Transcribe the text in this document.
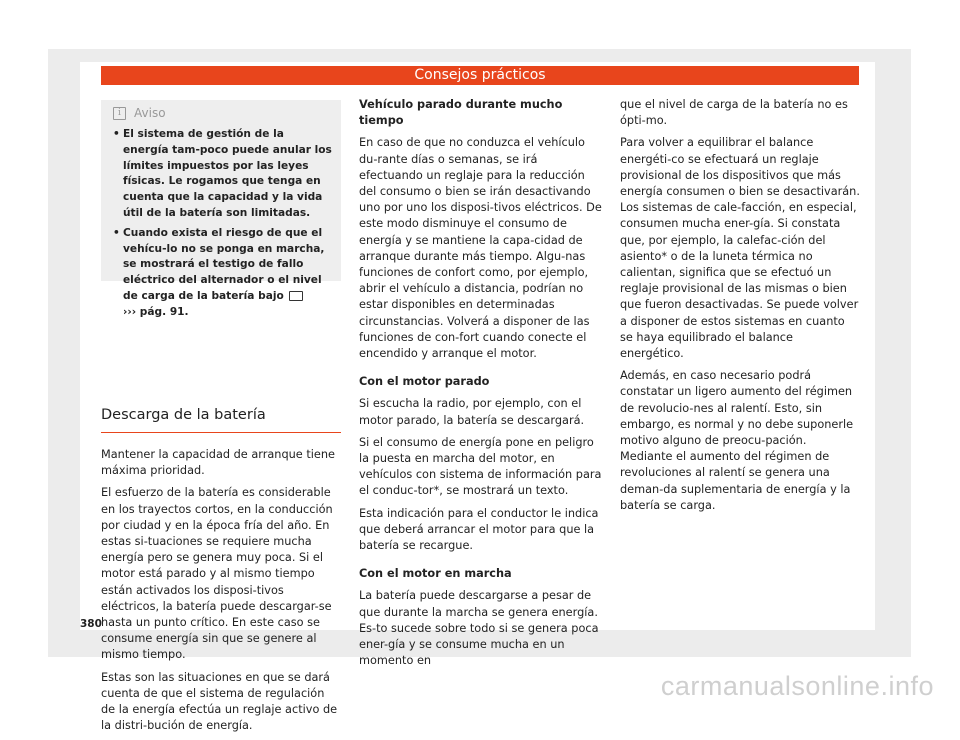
Consejos prácticos
i	Aviso
• El sistema de gestión de la energía tam-poco puede anular los límites impuestos por las leyes físicas. Le rogamos que tenga en cuenta que la capacidad y la vida útil de la batería son limitadas.
• Cuando exista el riesgo de que el vehícu-lo no se ponga en marcha, se mostrará el testigo de fallo eléctrico del alternador o el nivel de carga de la batería bajo
››› pág. 91.
Descarga de la batería

Mantener la capacidad de arranque tiene máxima prioridad.

El esfuerzo de la batería es considerable en los trayectos cortos, en la conducción por ciudad y en la época fría del año. En estas si-tuaciones se requiere mucha energía pero se genera muy poca. Si el motor está parado y al mismo tiempo están activados los disposi-tivos eléctricos, la batería puede descargar-se hasta un punto crítico. En este caso se consume energía sin que se genere al mismo tiempo.

Estas son las situaciones en que se dará cuenta de que el sistema de regulación de la energía efectúa un reglaje activo de la distri-bución de energía.

Vehículo parado durante mucho tiempo

En caso de que no conduzca el vehículo du-rante días o semanas, se irá efectuando un reglaje para la reducción del consumo o bien se irán desactivando uno por uno los disposi-tivos eléctricos. De este modo disminuye el consumo de energía y se mantiene la capa-cidad de arranque durante más tiempo. Algu-nas funciones de confort como, por ejemplo, abrir el vehículo a distancia, podrían no estar disponibles en determinadas circunstancias. Volverá a disponer de las funciones de con-fort cuando conecte el encendido y arranque el motor.

Con el motor parado

Si escucha la radio, por ejemplo, con el motor parado, la batería se descargará.

Si el consumo de energía pone en peligro la puesta en marcha del motor, en vehículos con sistema de información para el conduc-tor*, se mostrará un texto.

Esta indicación para el conductor le indica que deberá arrancar el motor para que la batería se recargue.

Con el motor en marcha

La batería puede descargarse a pesar de que durante la marcha se genera energía. Es-to sucede sobre todo si se genera poca ener-gía y se consume mucha en un momento en

que el nivel de carga de la batería no es ópti-mo.

Para volver a equilibrar el balance energéti-co se efectuará un reglaje provisional de los dispositivos que más energía consumen o bien se desactivarán. Los sistemas de cale-facción, en especial, consumen mucha ener-gía. Si constata que, por ejemplo, la calefac-ción del asiento* o de la luneta térmica no calientan, significa que se efectuó un reglaje provisional de las mismas o bien que fueron desactivadas. Se puede volver a disponer de estos sistemas en cuanto se haya equilibrado el balance energético.

Además, en caso necesario podrá constatar un ligero aumento del régimen de revolucio-nes al ralentí. Esto, sin embargo, es normal y no debe suponerle motivo alguno de preocu-pación. Mediante el aumento del régimen de revoluciones al ralentí se genera una deman-da suplementaria de energía y la batería se carga.

380
carmanualsonline.info
